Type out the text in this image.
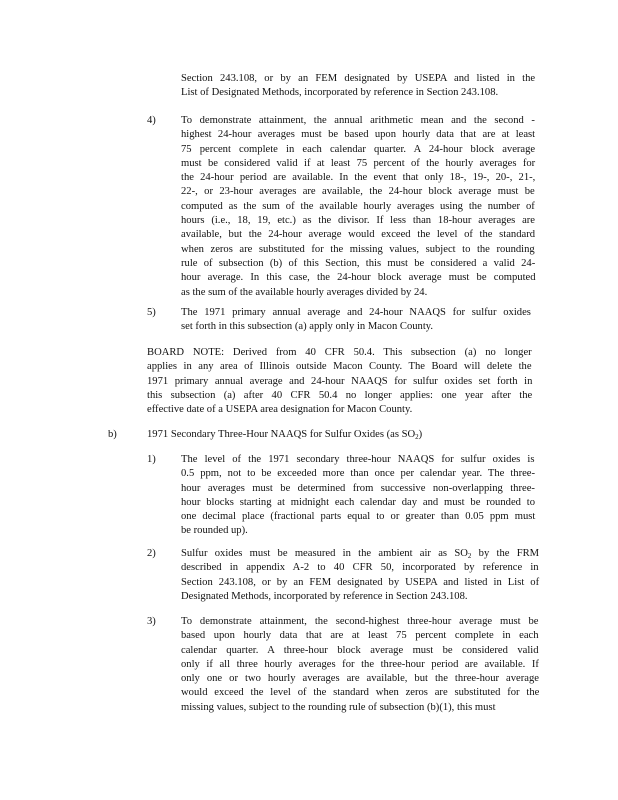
Section 243.108, or by an FEM designated by USEPA and listed in the
List of Designated Methods, incorporated by reference in Section 243.108.
4) To demonstrate attainment, the annual arithmetic mean and the second -
highest 24-hour averages must be based upon hourly data that are at least
75 percent complete in each calendar quarter. A 24-hour block average
must be considered valid if at least 75 percent of the hourly averages for
the 24-hour period are available. In the event that only 18-, 19-, 20-, 21-,
22-, or 23-hour averages are available, the 24-hour block average must be
computed as the sum of the available hourly averages using the number of
hours (i.e., 18, 19, etc.) as the divisor. If less than 18-hour averages are
available, but the 24-hour average would exceed the level of the standard
when zeros are substituted for the missing values, subject to the rounding
rule of subsection (b) of this Section, this must be considered a valid 24-
hour average. In this case, the 24-hour block average must be computed
as the sum of the available hourly averages divided by 24.
5) The 1971 primary annual average and 24-hour NAAQS for sulfur oxides
set forth in this subsection (a) apply only in Macon County.
BOARD NOTE: Derived from 40 CFR 50.4. This subsection (a) no longer
applies in any area of Illinois outside Macon County. The Board will delete the
1971 primary annual average and 24-hour NAAQS for sulfur oxides set forth in
this subsection (a) after 40 CFR 50.4 no longer applies: one year after the
effective date of a USEPA area designation for Macon County.
b)	1971 Secondary Three-Hour NAAQS for Sulfur Oxides (as $SO_2$)
1) The level of the 1971 secondary three-hour NAAQS for sulfur oxides is
0.5 ppm, not to be exceeded more than once per calendar year. The three-
hour averages must be determined from successive non-overlapping three-
hour blocks starting at midnight each calendar day and must be rounded to
one decimal place (fractional parts equal to or greater than 0.05 ppm must
be rounded up).
2) Sulfur oxides must be measured in the ambient air as $SO_2$ by the FRM
described in appendix A-2 to 40 CFR 50, incorporated by reference in
Section 243.108, or by an FEM designated by USEPA and listed in List of
Designated Methods, incorporated by reference in Section 243.108.
3) To demonstrate attainment, the second-highest three-hour average must be
based upon hourly data that are at least 75 percent complete in each
calendar quarter. A three-hour block average must be considered valid
only if all three hourly averages for the three-hour period are available. If
only one or two hourly averages are available, but the three-hour average
would exceed the level of the standard when zeros are substituted for the
missing values, subject to the rounding rule of subsection (b)(1), this must
